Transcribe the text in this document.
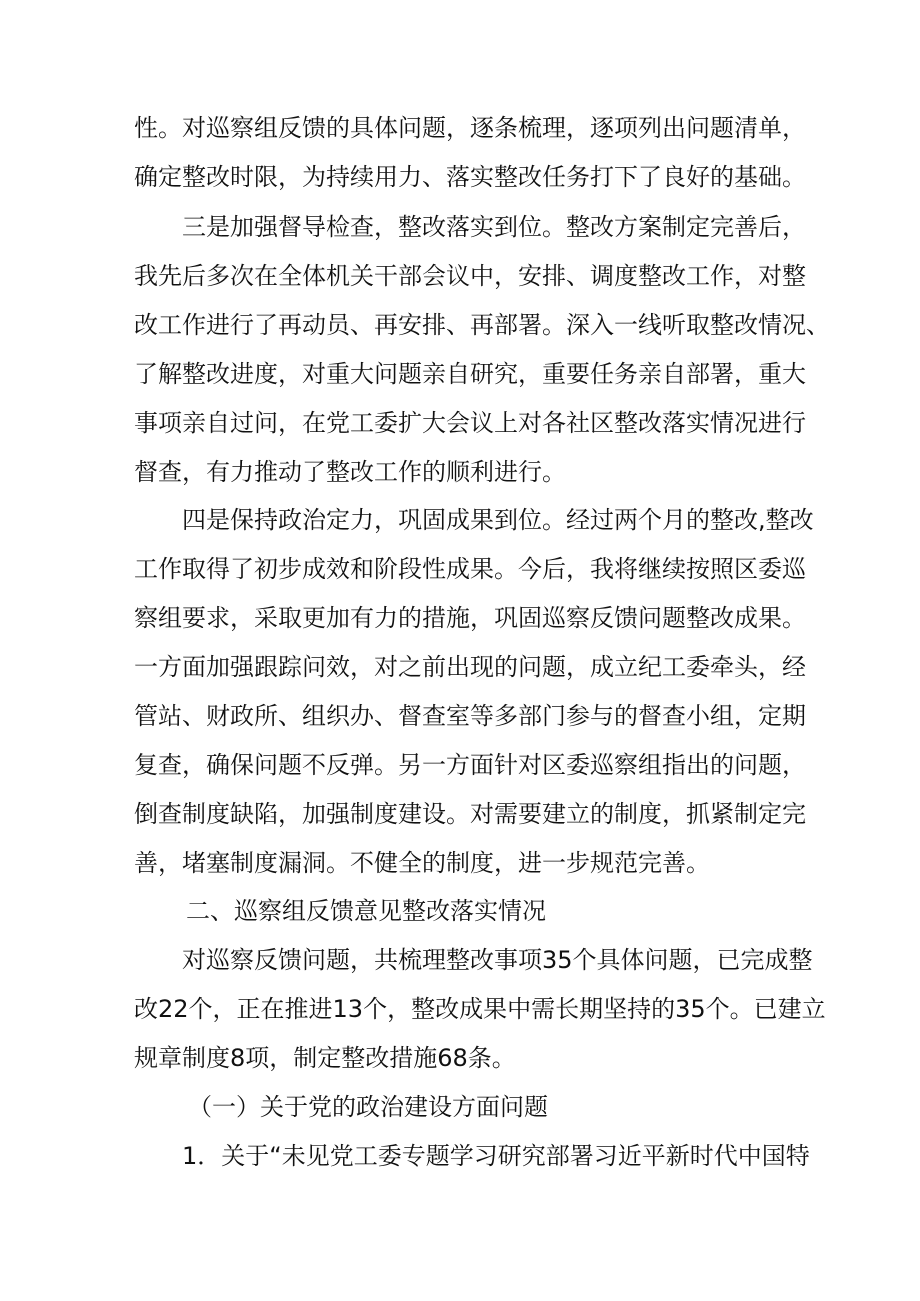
性。对巡察组反馈的具体问题，逐条梳理，逐项列出问题清单，
确定整改时限，为持续用力、落实整改任务打下了良好的基础。
三是加强督导检查，整改落实到位。整改方案制定完善后，
我先后多次在全体机关干部会议中，安排、调度整改工作，对整
改工作进行了再动员、再安排、再部署。深入一线听取整改情况、
了解整改进度，对重大问题亲自研究，重要任务亲自部署，重大
事项亲自过问，在党工委扩大会议上对各社区整改落实情况进行
督查，有力推动了整改工作的顺利进行。
四是保持政治定力，巩固成果到位。经过两个月的整改,整改
工作取得了初步成效和阶段性成果。今后，我将继续按照区委巡
察组要求，采取更加有力的措施，巩固巡察反馈问题整改成果。
一方面加强跟踪问效，对之前出现的问题，成立纪工委牵头，经
管站、财政所、组织办、督查室等多部门参与的督查小组，定期
复查，确保问题不反弹。另一方面针对区委巡察组指出的问题，
倒查制度缺陷，加强制度建设。对需要建立的制度，抓紧制定完
善，堵塞制度漏洞。不健全的制度，进一步规范完善。
二、巡察组反馈意见整改落实情况
对巡察反馈问题，共梳理整改事项35个具体问题，已完成整
改22个，正在推进13个，整改成果中需长期坚持的35个。已建立
规章制度8项，制定整改措施68条。
（一）关于党的政治建设方面问题
1．关于“未见党工委专题学习研究部署习近平新时代中国特
